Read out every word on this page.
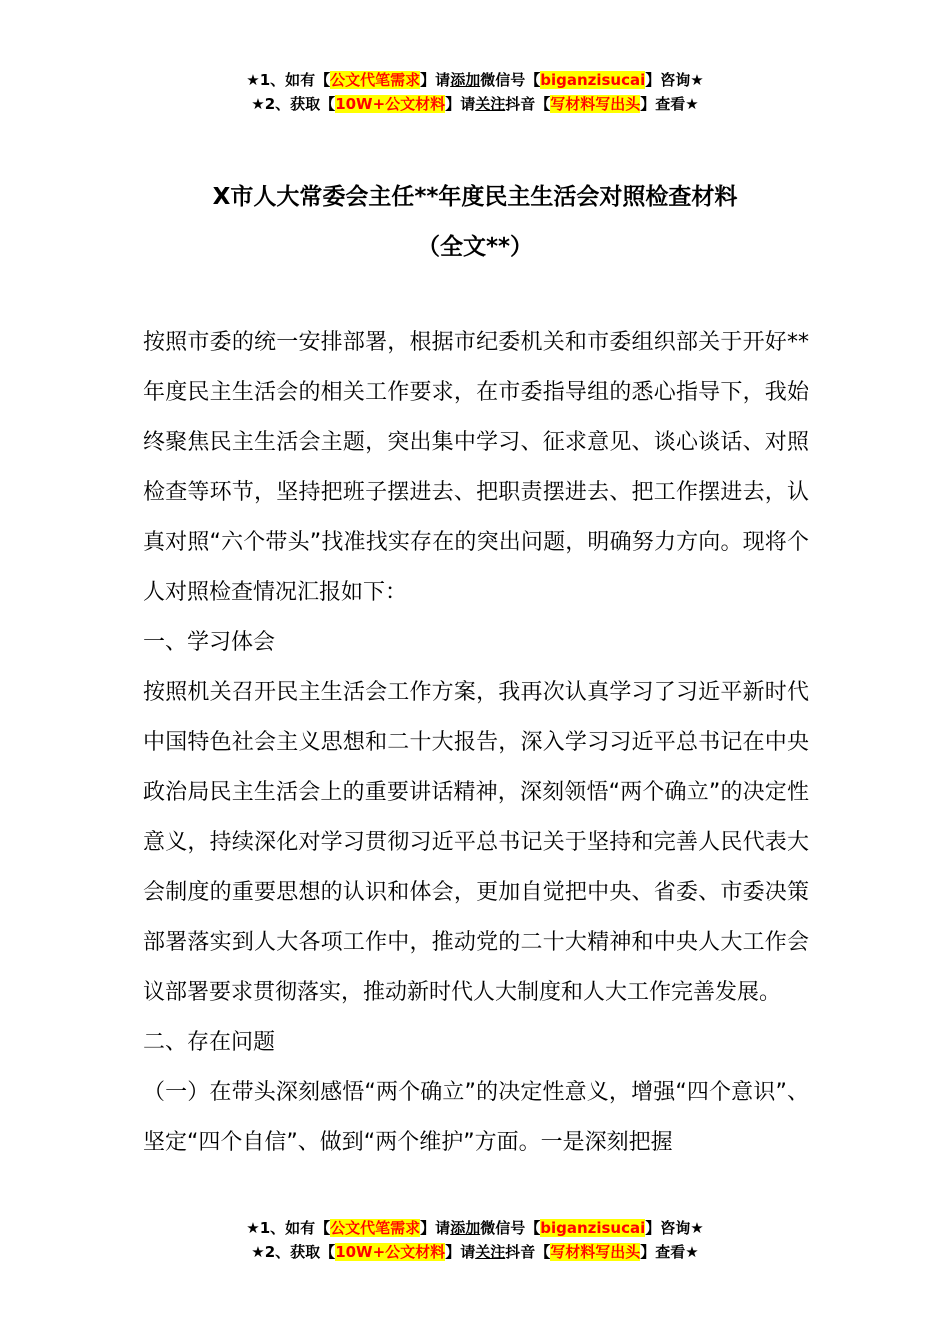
★1、如有【公文代笔需求】请添加微信号【biganzisucai】咨询★
★2、获取【10W+公文材料】请关注抖音【写材料写出头】查看★
X市人大常委会主任**年度民主生活会对照检查材料
（全文**）

按照市委的统一安排部署，根据市纪委机关和市委组织部关于开好**年度民主生活会的相关工作要求，在市委指导组的悉心指导下，我始终聚焦民主生活会主题，突出集中学习、征求意见、谈心谈话、对照检查等环节，坚持把班子摆进去、把职责摆进去、把工作摆进去，认真对照“六个带头”找准找实存在的突出问题，明确努力方向。现将个人对照检查情况汇报如下：

一、学习体会

按照机关召开民主生活会工作方案，我再次认真学习了习近平新时代中国特色社会主义思想和二十大报告，深入学习习近平总书记在中央政治局民主生活会上的重要讲话精神，深刻领悟“两个确立”的决定性意义，持续深化对学习贯彻习近平总书记关于坚持和完善人民代表大会制度的重要思想的认识和体会，更加自觉把中央、省委、市委决策部署落实到人大各项工作中，推动党的二十大精神和中央人大工作会议部署要求贯彻落实，推动新时代人大制度和人大工作完善发展。

二、存在问题

（一）在带头深刻感悟“两个确立”的决定性意义，增强“四个意识”、坚定“四个自信”、做到“两个维护”方面。一是深刻把握

★1、如有【公文代笔需求】请添加微信号【biganzisucai】咨询★
★2、获取【10W+公文材料】请关注抖音【写材料写出头】查看★
